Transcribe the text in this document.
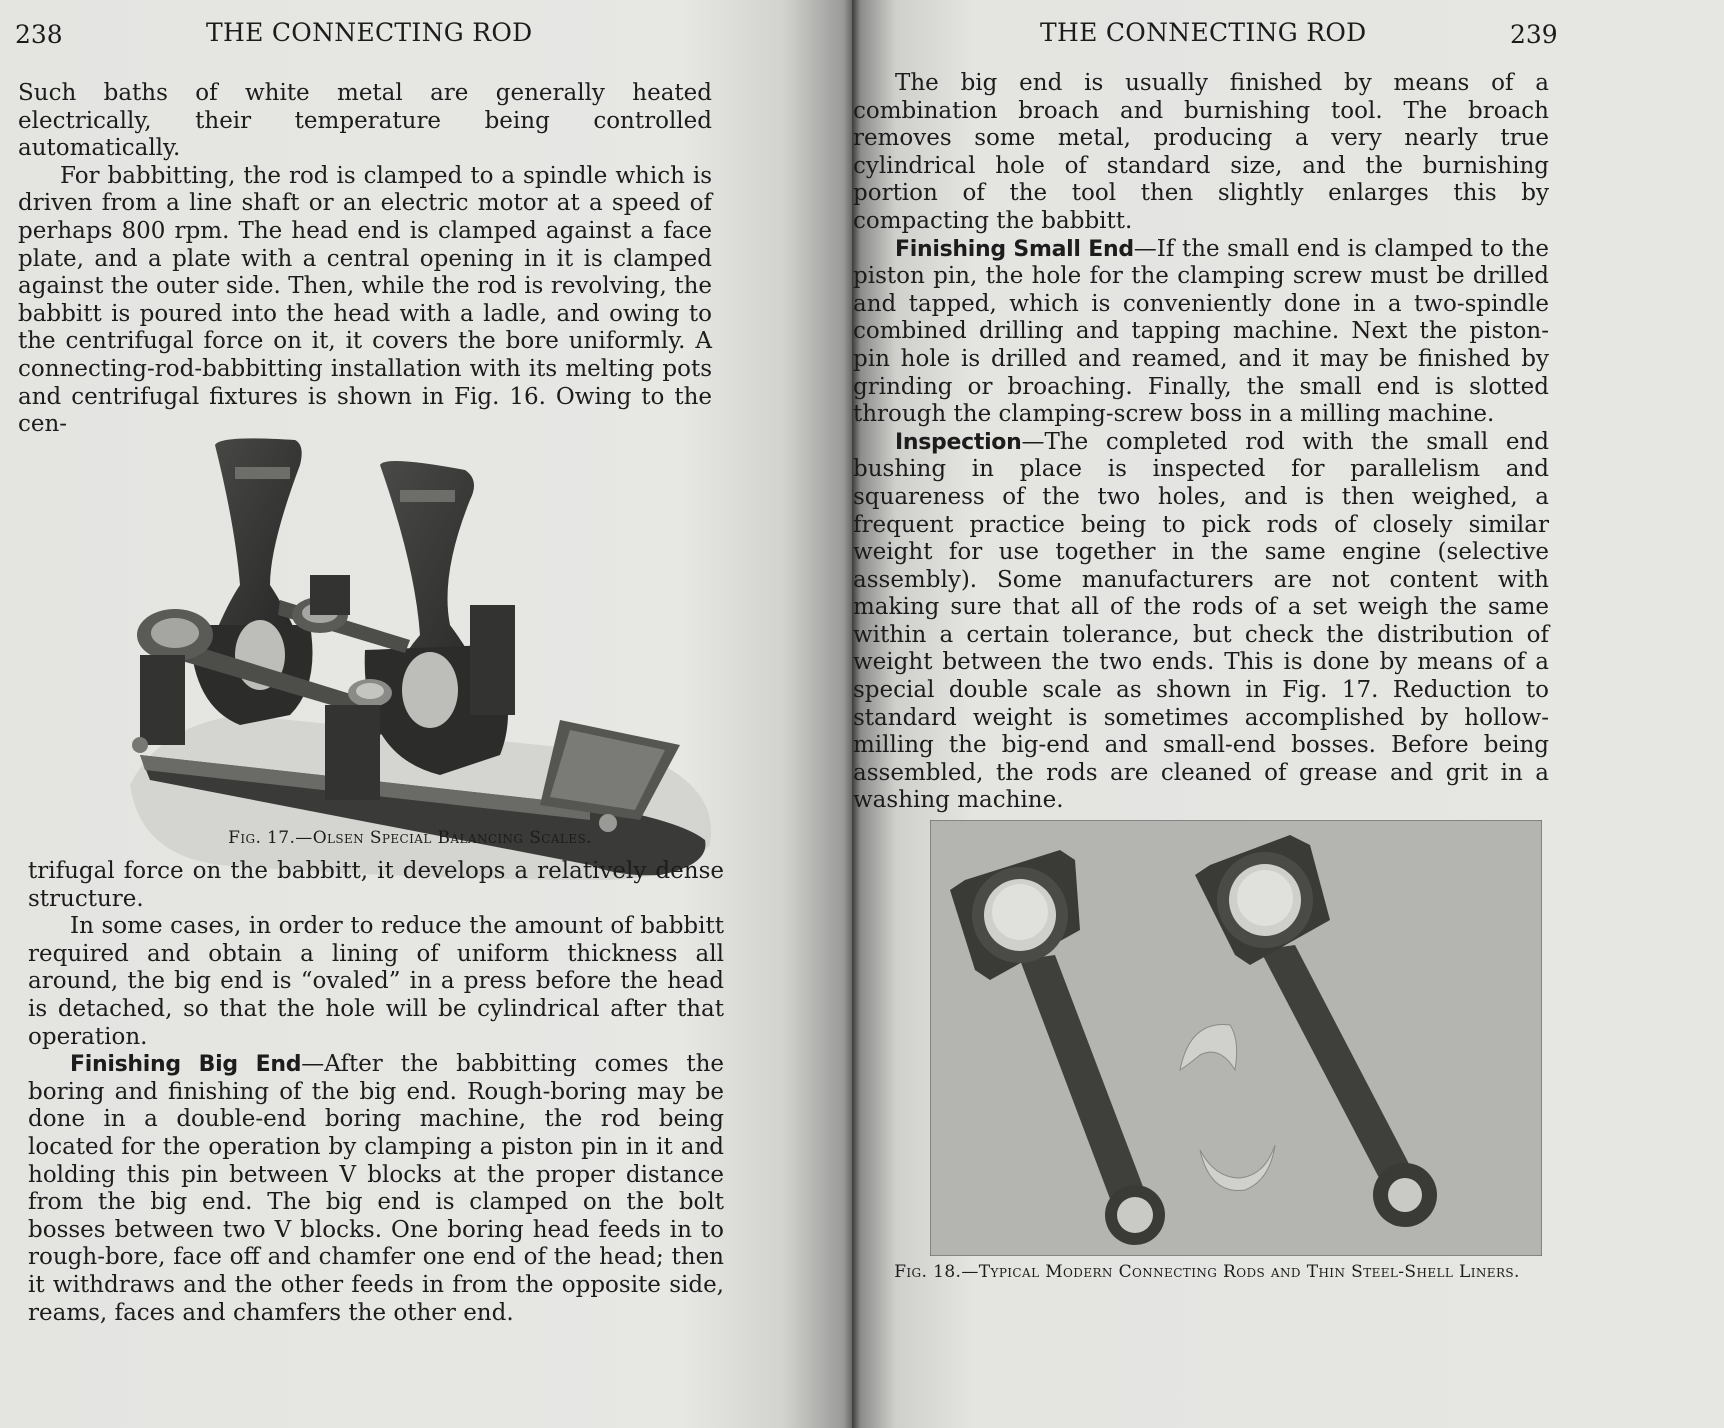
238	THE CONNECTING ROD

Such baths of white metal are generally heated electrically, their temperature being controlled automatically.

For babbitting, the rod is clamped to a spindle which is driven from a line shaft or an electric motor at a speed of perhaps 800 rpm. The head end is clamped against a face plate, and a plate with a central opening in it is clamped against the outer side. Then, while the rod is revolving, the babbitt is poured into the head with a ladle, and owing to the centrifugal force on it, it covers the bore uniformly. A connecting-rod-babbitting installation with its melting pots and centrifugal fixtures is shown in Fig. 16. Owing to the cen-

Fig. 17.—Olsen Special Balancing Scales.

trifugal force on the babbitt, it develops a relatively dense structure.

In some cases, in order to reduce the amount of babbitt required and obtain a lining of uniform thickness all around, the big end is “ovaled” in a press before the head is detached, so that the hole will be cylindrical after that operation.

Finishing Big End—After the babbitting comes the boring and finishing of the big end. Rough-boring may be done in a double-end boring machine, the rod being located for the operation by clamping a piston pin in it and holding this pin between V blocks at the proper distance from the big end. The big end is clamped on the bolt bosses between two V blocks. One boring head feeds in to rough-bore, face off and chamfer one end of the head; then it withdraws and the other feeds in from the opposite side, reams, faces and chamfers the other end.

THE CONNECTING ROD	239

The big end is usually finished by means of a combination broach and burnishing tool. The broach removes some metal, producing a very nearly true cylindrical hole of standard size, and the burnishing portion of the tool then slightly enlarges this by compacting the babbitt.

Finishing Small End—If the small end is clamped to the piston pin, the hole for the clamping screw must be drilled and tapped, which is conveniently done in a two-spindle combined drilling and tapping machine. Next the piston-pin hole is drilled and reamed, and it may be finished by grinding or broaching. Finally, the small end is slotted through the clamping-screw boss in a milling machine.

Inspection—The completed rod with the small end bushing in place is inspected for parallelism and squareness of the two holes, and is then weighed, a frequent practice being to pick rods of closely similar weight for use together in the same engine (selective assembly). Some manufacturers are not content with making sure that all of the rods of a set weigh the same within a certain tolerance, but check the distribution of weight between the two ends. This is done by means of a special double scale as shown in Fig. 17. Reduction to standard weight is sometimes accomplished by hollow-milling the big-end and small-end bosses. Before being assembled, the rods are cleaned of grease and grit in a washing machine.

Fig. 18.—Typical Modern Connecting Rods and Thin Steel-Shell Liners.
